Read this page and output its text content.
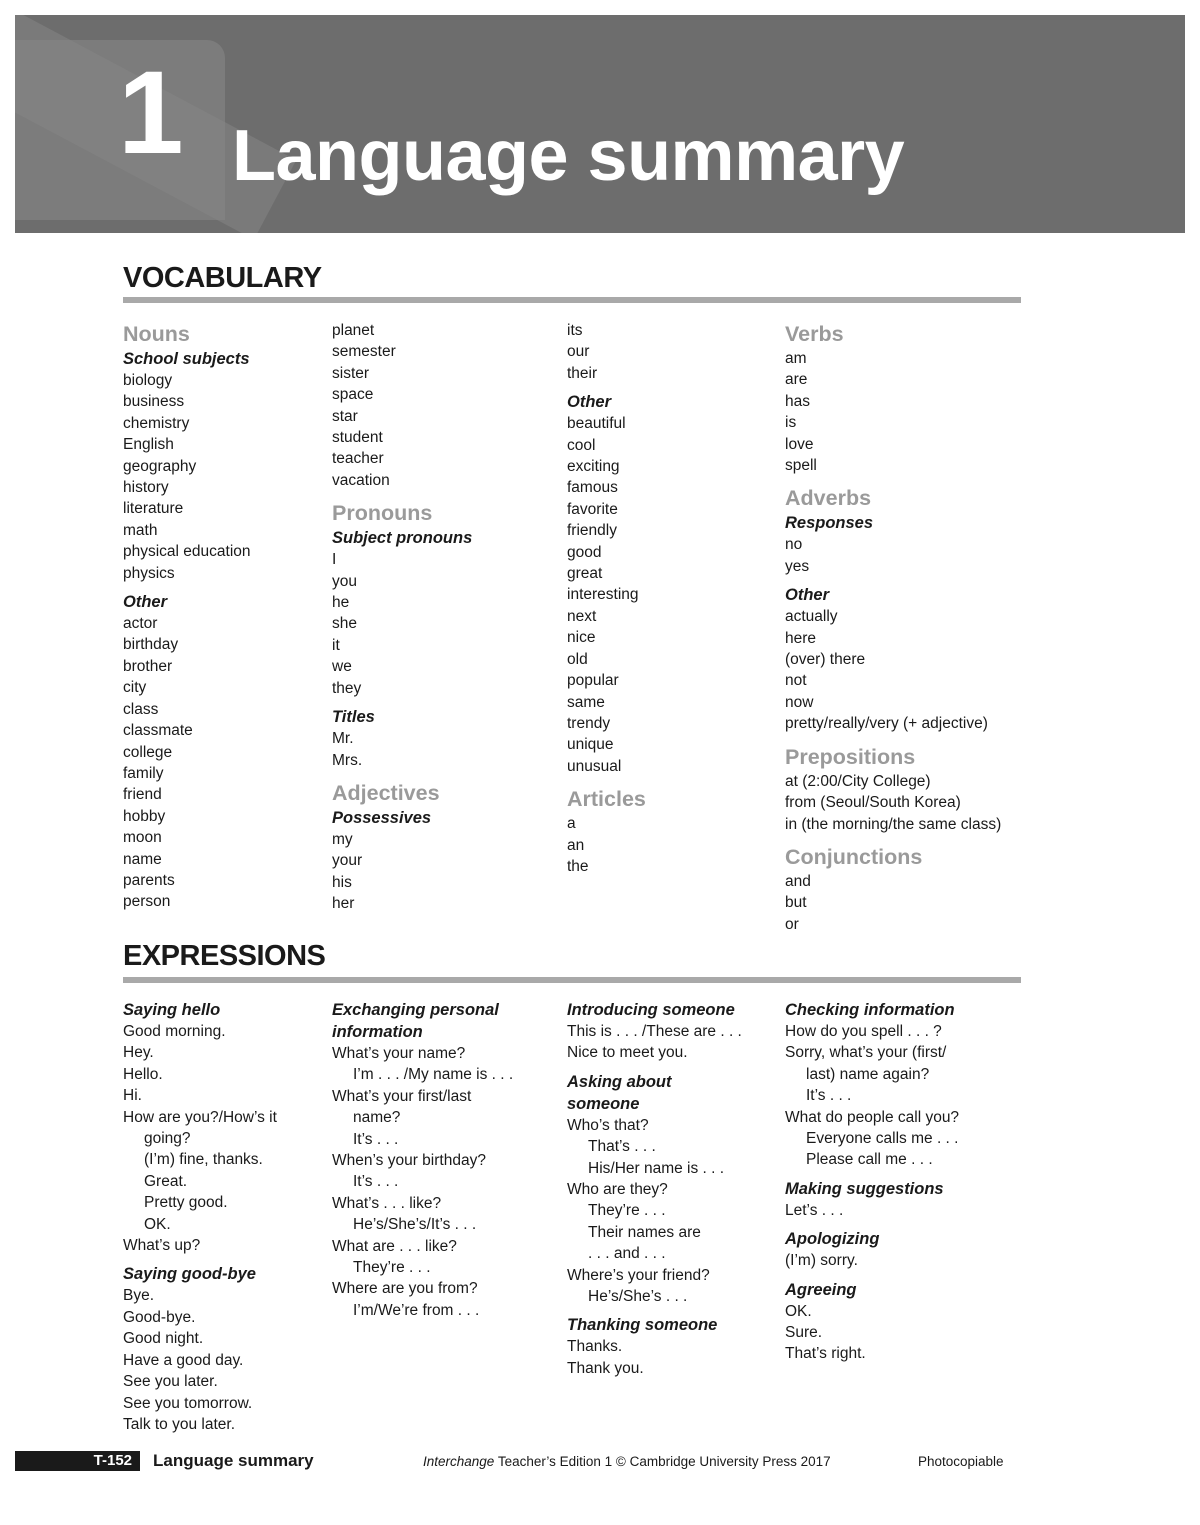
1 Language summary
VOCABULARY
Nouns
School subjects
biology
business
chemistry
English
geography
history
literature
math
physical education
physics
Other
actor
birthday
brother
city
class
classmate
college
family
friend
hobby
moon
name
parents
person
planet
semester
sister
space
star
student
teacher
vacation
Pronouns
Subject pronouns
I
you
he
she
it
we
they
Titles
Mr.
Mrs.
Adjectives
Possessives
my
your
his
her
its
our
their
Other
beautiful
cool
exciting
famous
favorite
friendly
good
great
interesting
next
nice
old
popular
same
trendy
unique
unusual
Articles
a
an
the
Verbs
am
are
has
is
love
spell
Adverbs
Responses
no
yes
Other
actually
here
(over) there
not
now
pretty/really/very (+ adjective)
Prepositions
at (2:00/City College)
from (Seoul/South Korea)
in (the morning/the same class)
Conjunctions
and
but
or
EXPRESSIONS
Saying hello
Good morning.
Hey.
Hello.
Hi.
How are you?/How’s it
going?
(I’m) fine, thanks.
Great.
Pretty good.
OK.
What’s up?
Saying good-bye
Bye.
Good-bye.
Good night.
Have a good day.
See you later.
See you tomorrow.
Talk to you later.
Exchanging personal
information
What’s your name?
I’m . . . /My name is . . .
What’s your first/last
name?
It’s . . .
When’s your birthday?
It’s . . .
What’s . . . like?
He’s/She’s/It’s . . .
What are . . . like?
They’re . . .
Where are you from?
I’m/We’re from . . .
Introducing someone
This is . . . /These are . . .
Nice to meet you.
Asking about
someone
Who’s that?
That’s . . .
His/Her name is . . .
Who are they?
They’re . . .
Their names are
. . . and . . .
Where’s your friend?
He’s/She’s . . .
Thanking someone
Thanks.
Thank you.
Checking information
How do you spell . . . ?
Sorry, what’s your (first/
last) name again?
It’s . . .
What do people call you?
Everyone calls me . . .
Please call me . . .
Making suggestions
Let’s . . .
Apologizing
(I’m) sorry.
Agreeing
OK.
Sure.
That’s right.
T-152	Language summary	Interchange Teacher’s Edition 1 © Cambridge University Press 2017	Photocopiable
